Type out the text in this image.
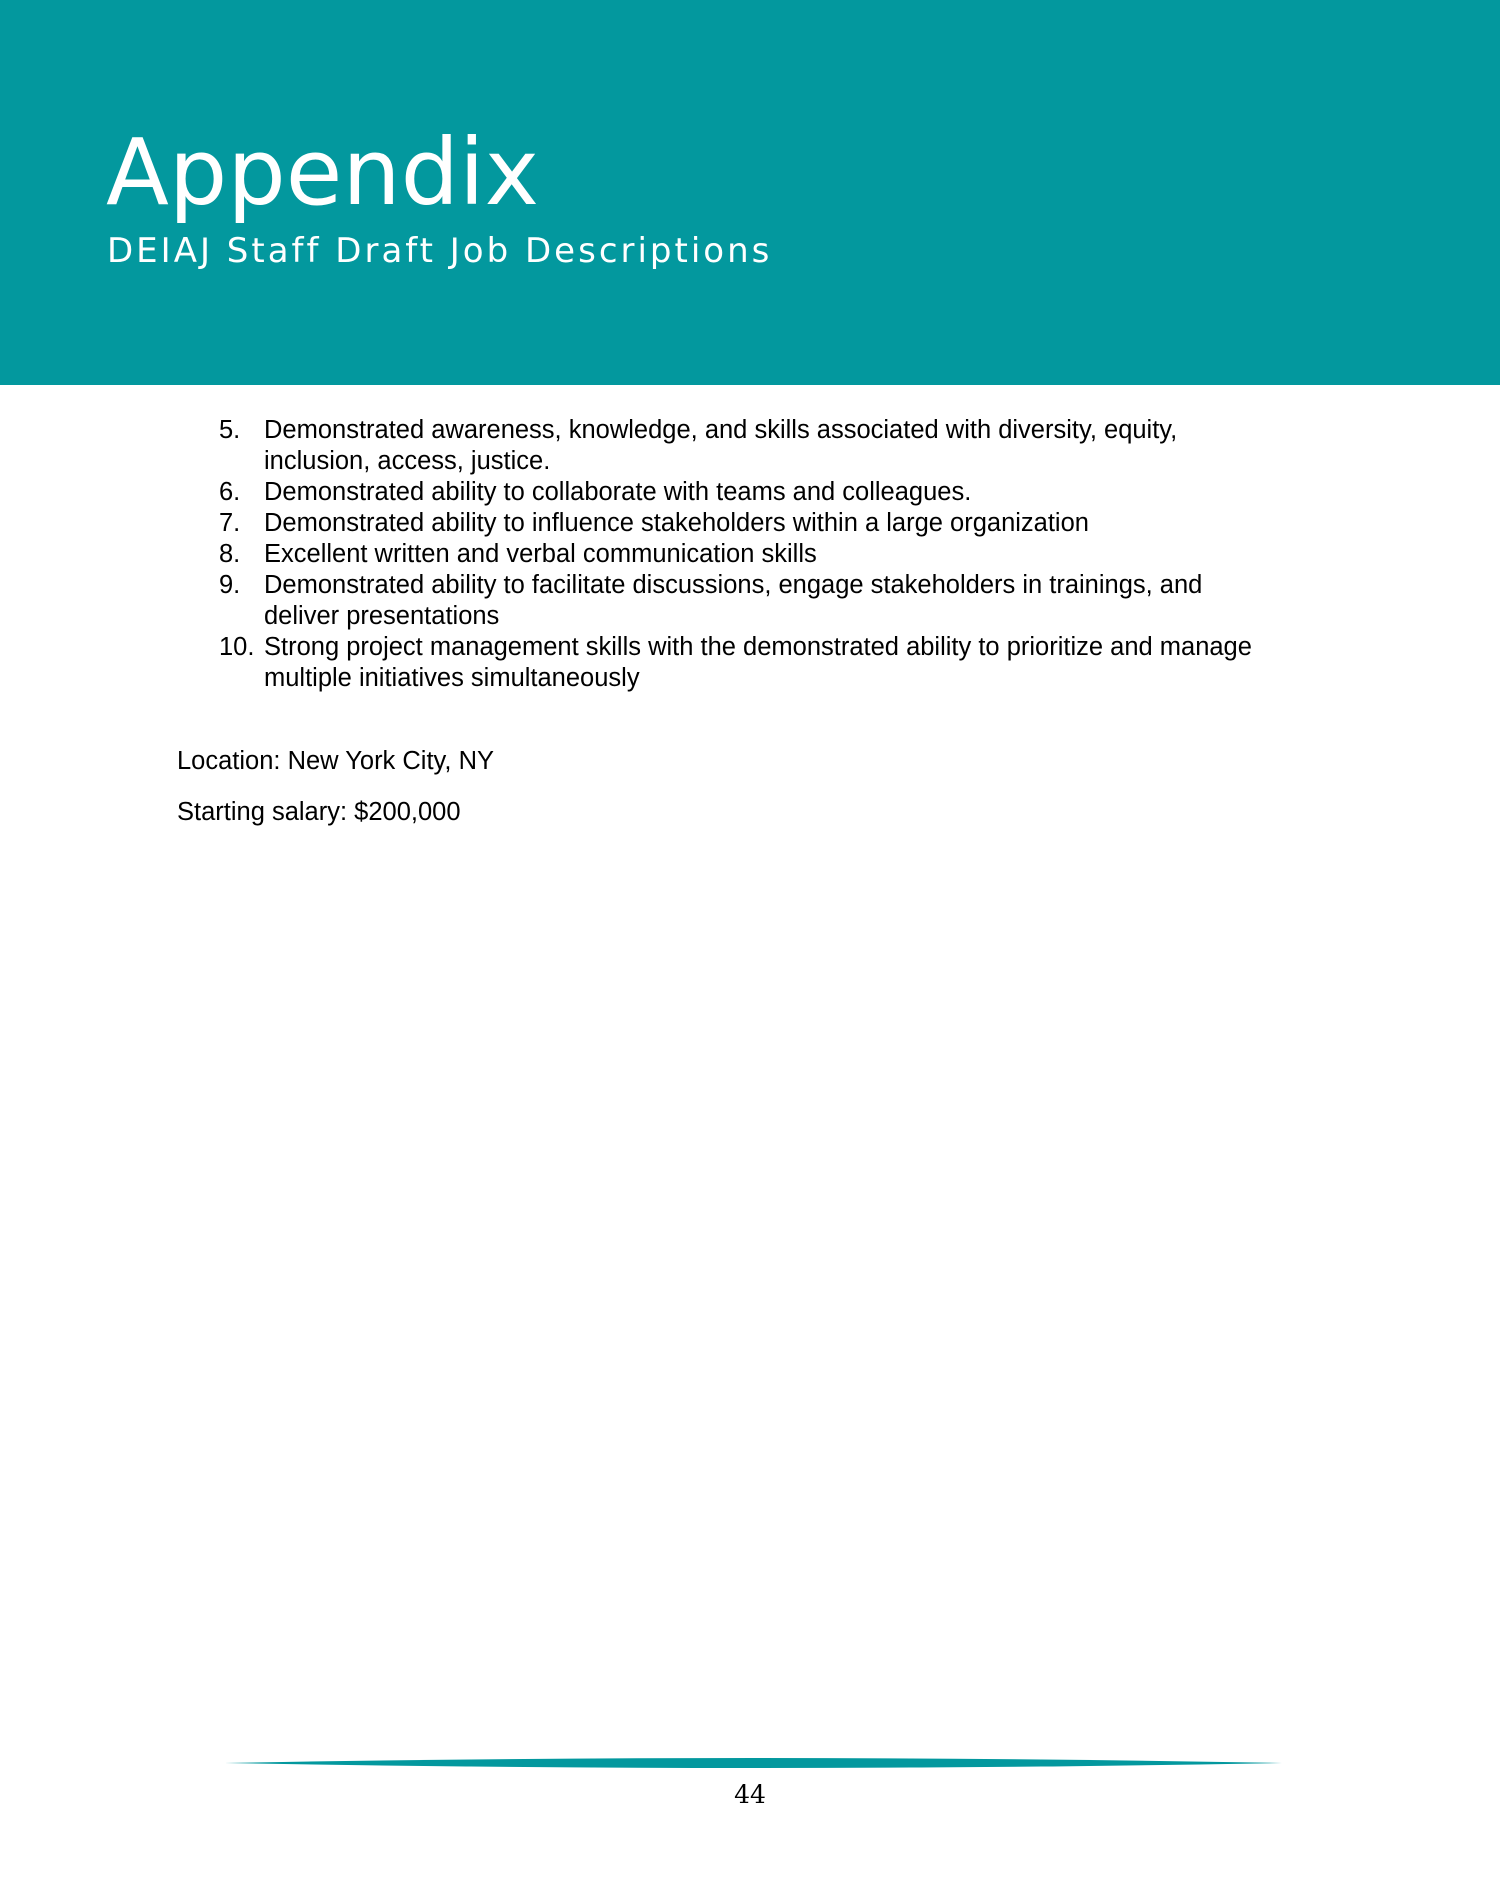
Appendix
DEIAJ Staff Draft Job Descriptions
5. Demonstrated awareness, knowledge, and skills associated with diversity, equity,
inclusion, access, justice.
6. Demonstrated ability to collaborate with teams and colleagues.
7. Demonstrated ability to influence stakeholders within a large organization
8. Excellent written and verbal communication skills
9. Demonstrated ability to facilitate discussions, engage stakeholders in trainings, and
deliver presentations
10. Strong project management skills with the demonstrated ability to prioritize and manage
multiple initiatives simultaneously
Location: New York City, NY
Starting salary: $200,000
44
